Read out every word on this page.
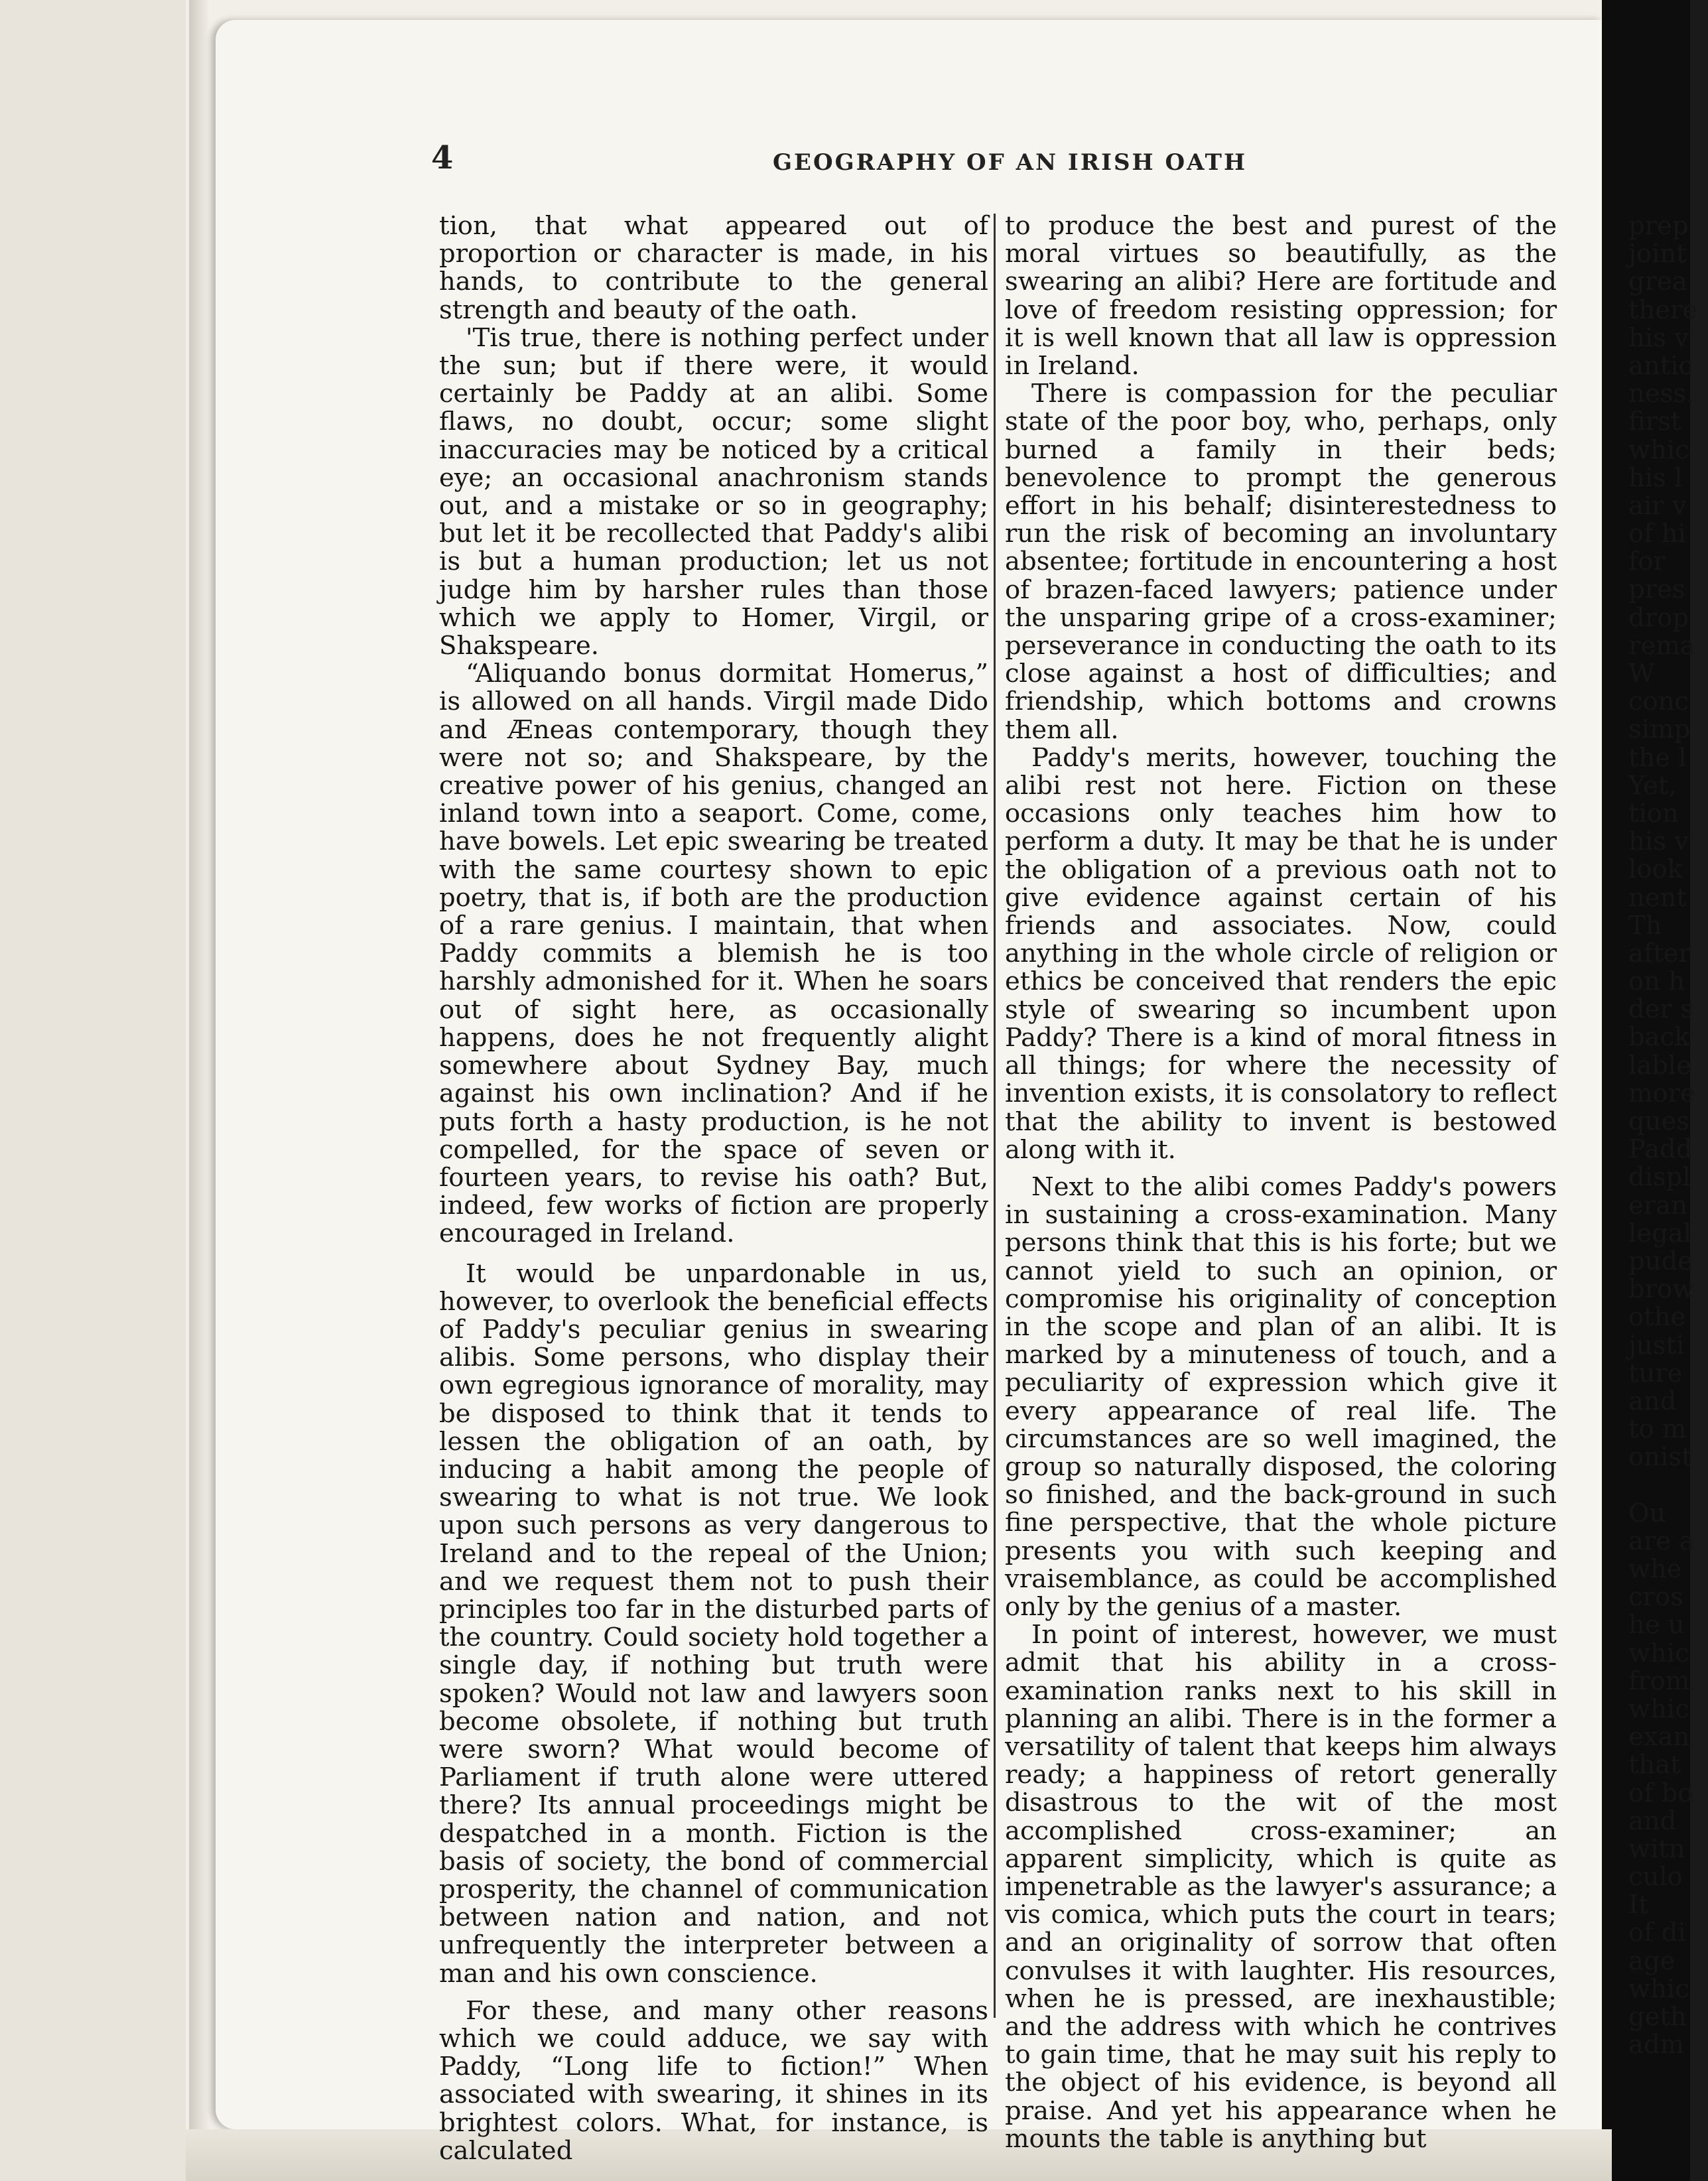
4	GEOGRAPHY OF AN IRISH OATH

tion, that what appeared out of proportion or character is made, in his hands, to contribute to the general strength and beauty of the oath.

'Tis true, there is nothing perfect under the sun; but if there were, it would certainly be Paddy at an alibi. Some flaws, no doubt, occur; some slight inaccuracies may be noticed by a critical eye; an occasional anachronism stands out, and a mistake or so in geography; but let it be recollected that Paddy's alibi is but a human production; let us not judge him by harsher rules than those which we apply to Homer, Virgil, or Shakspeare.

“Aliquando bonus dormitat Homerus,” is allowed on all hands. Virgil made Dido and Æneas contemporary, though they were not so; and Shakspeare, by the creative power of his genius, changed an inland town into a seaport. Come, come, have bowels. Let epic swearing be treated with the same courtesy shown to epic poetry, that is, if both are the production of a rare genius. I maintain, that when Paddy commits a blemish he is too harshly admonished for it. When he soars out of sight here, as occasionally happens, does he not frequently alight somewhere about Sydney Bay, much against his own inclination? And if he puts forth a hasty production, is he not compelled, for the space of seven or fourteen years, to revise his oath? But, indeed, few works of fiction are properly encouraged in Ireland.

It would be unpardonable in us, however, to overlook the beneficial effects of Paddy's peculiar genius in swearing alibis. Some persons, who display their own egregious ignorance of morality, may be disposed to think that it tends to lessen the obligation of an oath, by inducing a habit among the people of swearing to what is not true. We look upon such persons as very dangerous to Ireland and to the repeal of the Union; and we request them not to push their principles too far in the disturbed parts of the country. Could society hold together a single day, if nothing but truth were spoken? Would not law and lawyers soon become obsolete, if nothing but truth were sworn? What would become of Parliament if truth alone were uttered there? Its annual proceedings might be despatched in a month. Fiction is the basis of society, the bond of commercial prosperity, the channel of communication between nation and nation, and not unfrequently the interpreter between a man and his own conscience.

For these, and many other reasons which we could adduce, we say with Paddy, “Long life to fiction!” When associated with swearing, it shines in its brightest colors. What, for instance, is calculated

to produce the best and purest of the moral virtues so beautifully, as the swearing an alibi? Here are fortitude and love of freedom resisting oppression; for it is well known that all law is oppression in Ireland.

There is compassion for the peculiar state of the poor boy, who, perhaps, only burned a family in their beds; benevolence to prompt the generous effort in his behalf; disinterestedness to run the risk of becoming an involuntary absentee; fortitude in encountering a host of brazen-faced lawyers; patience under the unsparing gripe of a cross-examiner; perseverance in conducting the oath to its close against a host of difficulties; and friendship, which bottoms and crowns them all.

Paddy's merits, however, touching the alibi rest not here. Fiction on these occasions only teaches him how to perform a duty. It may be that he is under the obligation of a previous oath not to give evidence against certain of his friends and associates. Now, could anything in the whole circle of religion or ethics be conceived that renders the epic style of swearing so incumbent upon Paddy? There is a kind of moral fitness in all things; for where the necessity of invention exists, it is consolatory to reflect that the ability to invent is bestowed along with it.

Next to the alibi comes Paddy's powers in sustaining a cross-examination. Many persons think that this is his forte; but we cannot yield to such an opinion, or compromise his originality of conception in the scope and plan of an alibi. It is marked by a minuteness of touch, and a peculiarity of expression which give it every appearance of real life. The circumstances are so well imagined, the group so naturally disposed, the coloring so finished, and the back-ground in such fine perspective, that the whole picture presents you with such keeping and vraisemblance, as could be accomplished only by the genius of a master.

In point of interest, however, we must admit that his ability in a cross-examination ranks next to his skill in planning an alibi. There is in the former a versatility of talent that keeps him always ready; a happiness of retort generally disastrous to the wit of the most accomplished cross-examiner; an apparent simplicity, which is quite as impenetrable as the lawyer's assurance; a vis comica, which puts the court in tears; and an originality of sorrow that often convulses it with laughter. His resources, when he is pressed, are inexhaustible; and the address with which he contrives to gain time, that he may suit his reply to the object of his evidence, is beyond all praise. And yet his appearance when he mounts the table is anything but

prep
joint
grea
there
his v
antic
ness.
first
whic
his l
air v
of hi
for
pres
drop
rema
W
conc
simp
the l
Yet,
tion
his v
look
nent
Th
after
on h
der s
back
lable
more
ques
Padd
displ
eran
legal
pude
brow
othe
justi
ture
and
to m
onist
Ou
are a
whe
cros
he u
whic
from
whic
exan
that
of bo
and
witn
culo
It
of di
age
whic
geth
adm
